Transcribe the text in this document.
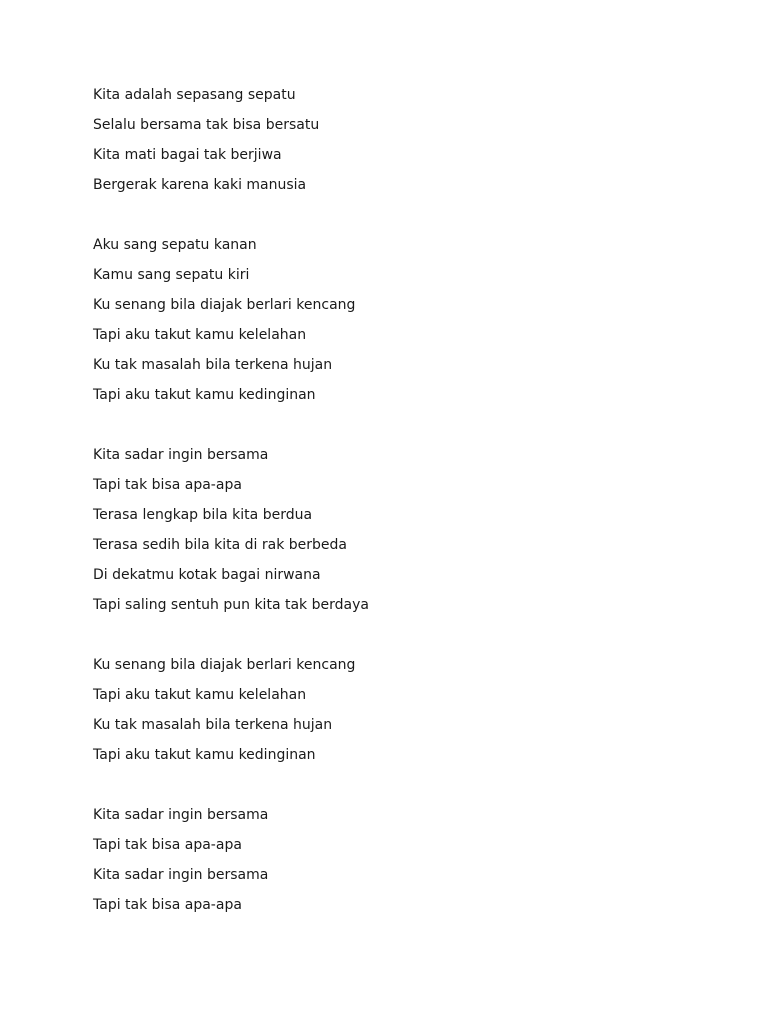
Kita adalah sepasang sepatu
Selalu bersama tak bisa bersatu
Kita mati bagai tak berjiwa
Bergerak karena kaki manusia
Aku sang sepatu kanan
Kamu sang sepatu kiri
Ku senang bila diajak berlari kencang
Tapi aku takut kamu kelelahan
Ku tak masalah bila terkena hujan
Tapi aku takut kamu kedinginan
Kita sadar ingin bersama
Tapi tak bisa apa-apa
Terasa lengkap bila kita berdua
Terasa sedih bila kita di rak berbeda
Di dekatmu kotak bagai nirwana
Tapi saling sentuh pun kita tak berdaya
Ku senang bila diajak berlari kencang
Tapi aku takut kamu kelelahan
Ku tak masalah bila terkena hujan
Tapi aku takut kamu kedinginan
Kita sadar ingin bersama
Tapi tak bisa apa-apa
Kita sadar ingin bersama
Tapi tak bisa apa-apa
